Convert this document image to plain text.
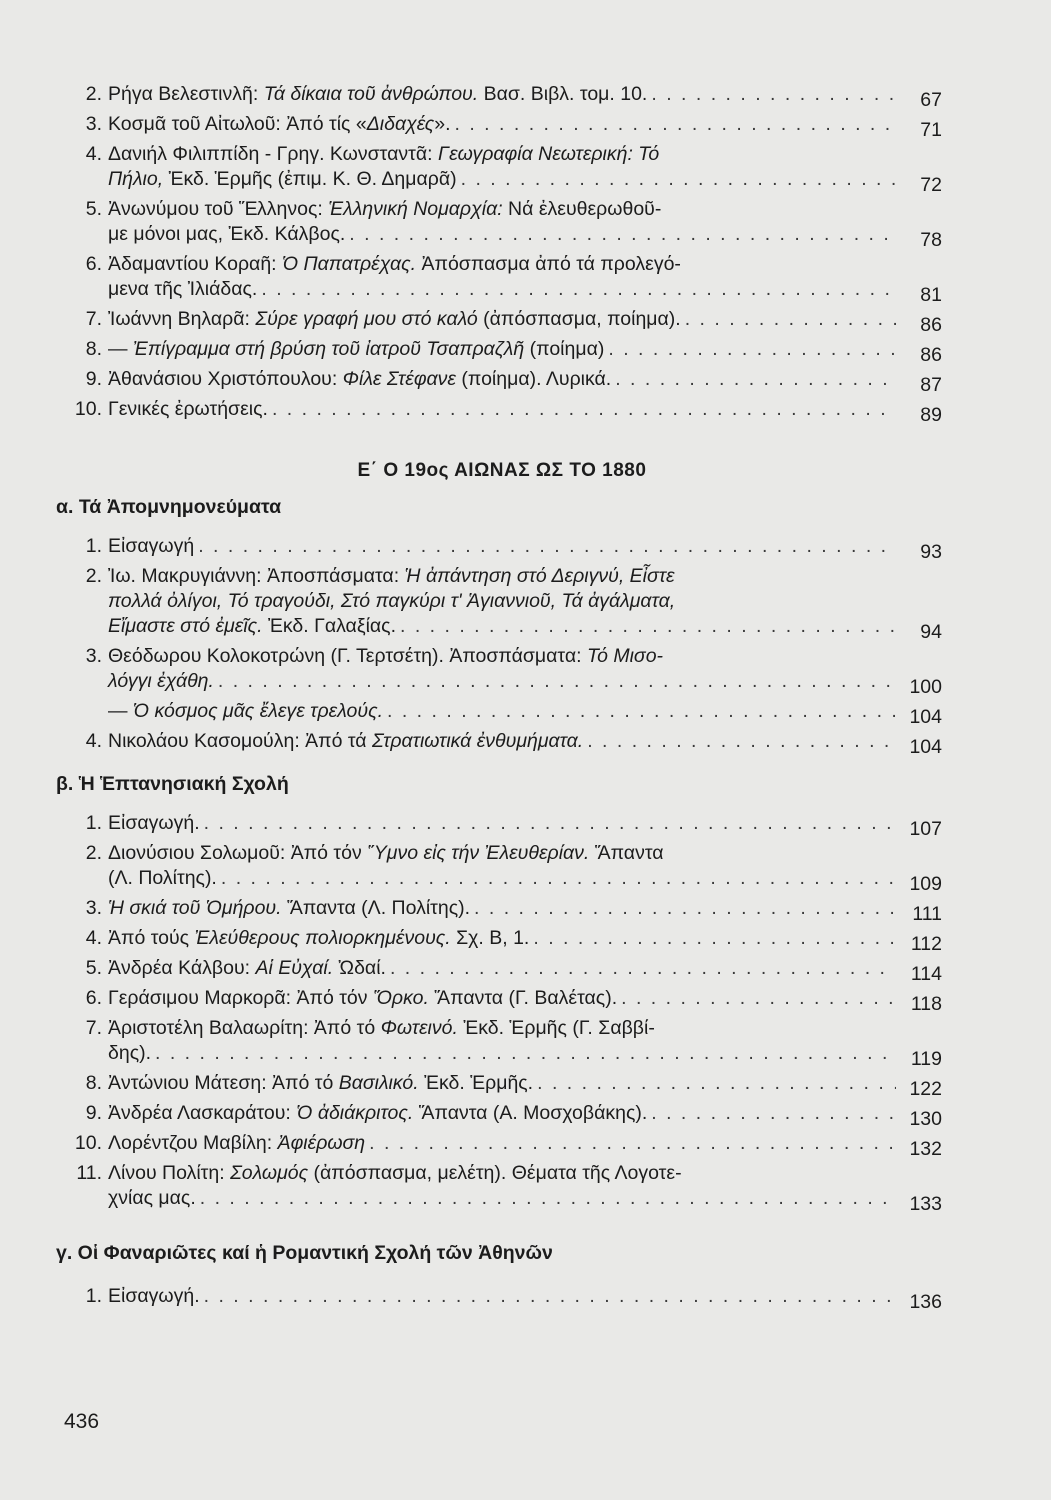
2. Ρήγα Βελεστινλῆ: Τά δίκαια τοῦ ἀνθρώπου. Βασ. Βιβλ. τομ. 10. . . .	67
3. Κοσμᾶ τοῦ Αἰτωλοῦ: Ἀπό τίς «Διδαχές». . . .	71
4. Δανιήλ Φιλιππίδη - Γρηγ. Κωνσταντᾶ: Γεωγραφία Νεωτερική: Τό
Πήλιο, Ἐκδ. Ἑρμῆς (ἐπιμ. Κ. Θ. Δημαρᾶ) . . .	72
5. Ἀνωνύμου τοῦ Ἕλληνος: Ἑλληνική Νομαρχία: Νά ἐλευθερωθοῦ-
με μόνοι μας, Ἐκδ. Κάλβος. . . .	78
6. Ἀδαμαντίου Κοραῆ: Ὁ Παπατρέχας. Ἀπόσπασμα ἀπό τά προλεγό-
μενα τῆς Ἰλιάδας. . . .	81
7. Ἰωάννη Βηλαρᾶ: Σύρε γραφή μου στό καλό (ἀπόσπασμα, ποίημα). . . .	86
8. — Ἐπίγραμμα στή βρύση τοῦ ἰατροῦ Τσαπραζλῆ (ποίημα) . . .	86
9. Ἀθανάσιου Χριστόπουλου: Φίλε Στέφανε (ποίημα). Λυρικά. . . .	87
10. Γενικές ἐρωτήσεις. . . .	89
Ε΄ Ο 19ος ΑΙΩΝΑΣ ΩΣ ΤΟ 1880
α. Τά Ἀπομνημονεύματα
1. Εἰσαγωγή . . .	93
2. Ἰω. Μακρυγιάννη: Ἀποσπάσματα: Ἡ ἀπάντηση στό Δεριγνύ, Εἶστε
πολλά ὀλίγοι, Τό τραγούδι, Στό παγκύρι τ' Ἁγιαννιοῦ, Τά ἀγάλματα,
Εἴμαστε στό ἐμεῖς. Ἐκδ. Γαλαξίας. . . .	94
3. Θεόδωρου Κολοκοτρώνη (Γ. Τερτσέτη). Ἀποσπάσματα: Τό Μισο-
λόγγι ἐχάθη. . . .	100
— Ὁ κόσμος μᾶς ἔλεγε τρελούς. . . .	104
4. Νικολάου Κασομούλη: Ἀπό τά Στρατιωτικά ἐνθυμήματα. . . .	104
β. Ἡ Ἑπτανησιακή Σχολή
1. Εἰσαγωγή. . . .	107
2. Διονύσιου Σολωμοῦ: Ἀπό τόν Ὕμνο εἰς τήν Ἐλευθερίαν. Ἅπαντα
(Λ. Πολίτης). . . .	109
3. Ἡ σκιά τοῦ Ὁμήρου. Ἅπαντα (Λ. Πολίτης). . . .	111
4. Ἀπό τούς Ἐλεύθερους πολιορκημένους. Σχ. Β, 1. . . .	112
5. Ἀνδρέα Κάλβου: Αἱ Εὐχαί. Ὠδαί. . . .	114
6. Γεράσιμου Μαρκορᾶ: Ἀπό τόν Ὅρκο. Ἅπαντα (Γ. Βαλέτας). . . .	118
7. Ἀριστοτέλη Βαλαωρίτη: Ἀπό τό Φωτεινό. Ἐκδ. Ἑρμῆς (Γ. Σαββί-
δης). . . .	119
8. Ἀντώνιου Μάτεση: Ἀπό τό Βασιλικό. Ἐκδ. Ἑρμῆς. . . .	122
9. Ἀνδρέα Λασκαράτου: Ὁ ἀδιάκριτος. Ἅπαντα (Α. Μοσχοβάκης). . . .	130
10. Λορέντζου Μαβίλη: Ἀφιέρωση . . .	132
11. Λίνου Πολίτη: Σολωμός (ἀπόσπασμα, μελέτη). Θέματα τῆς Λογοτε-
χνίας μας. . . .	133
γ. Οἱ Φαναριῶτες καί ἡ Ρομαντική Σχολή τῶν Ἀθηνῶν
1. Εἰσαγωγή. . . .	136
436
